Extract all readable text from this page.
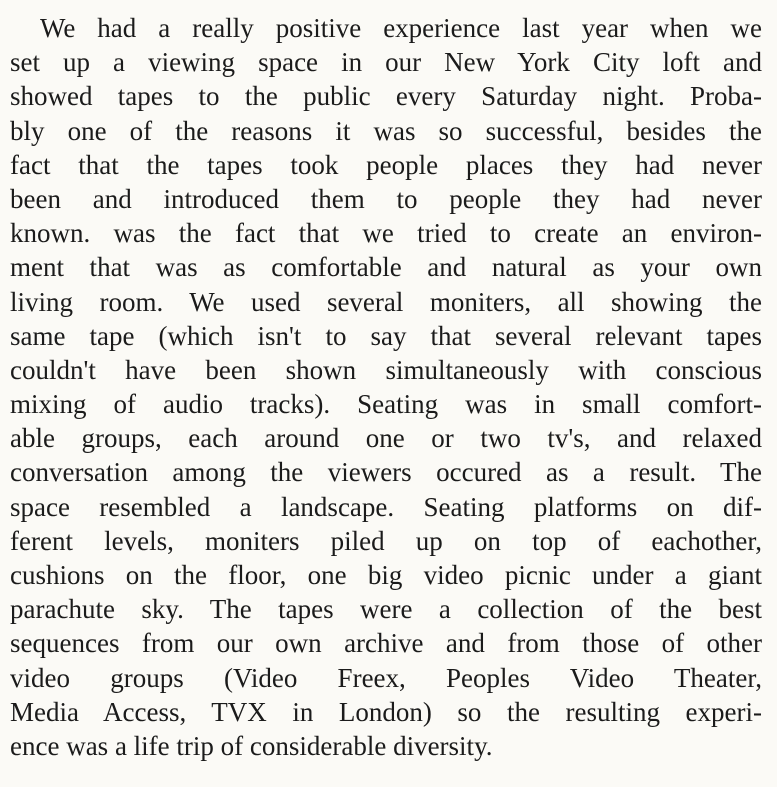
We had a really positive experience last year when we
set up a viewing space in our New York City loft and
showed tapes to the public every Saturday night. Proba-
bly one of the reasons it was so successful, besides the
fact that the tapes took people places they had never
been and introduced them to people they had never
known. was the fact that we tried to create an environ-
ment that was as comfortable and natural as your own
living room. We used several moniters, all showing the
same tape (which isn't to say that several relevant tapes
couldn't have been shown simultaneously with conscious
mixing of audio tracks). Seating was in small comfort-
able groups, each around one or two tv's, and relaxed
conversation among the viewers occured as a result. The
space resembled a landscape. Seating platforms on dif-
ferent levels, moniters piled up on top of eachother,
cushions on the floor, one big video picnic under a giant
parachute sky. The tapes were a collection of the best
sequences from our own archive and from those of other
video groups (Video Freex, Peoples Video Theater,
Media Access, TVX in London) so the resulting experi-
ence was a life trip of considerable diversity.
